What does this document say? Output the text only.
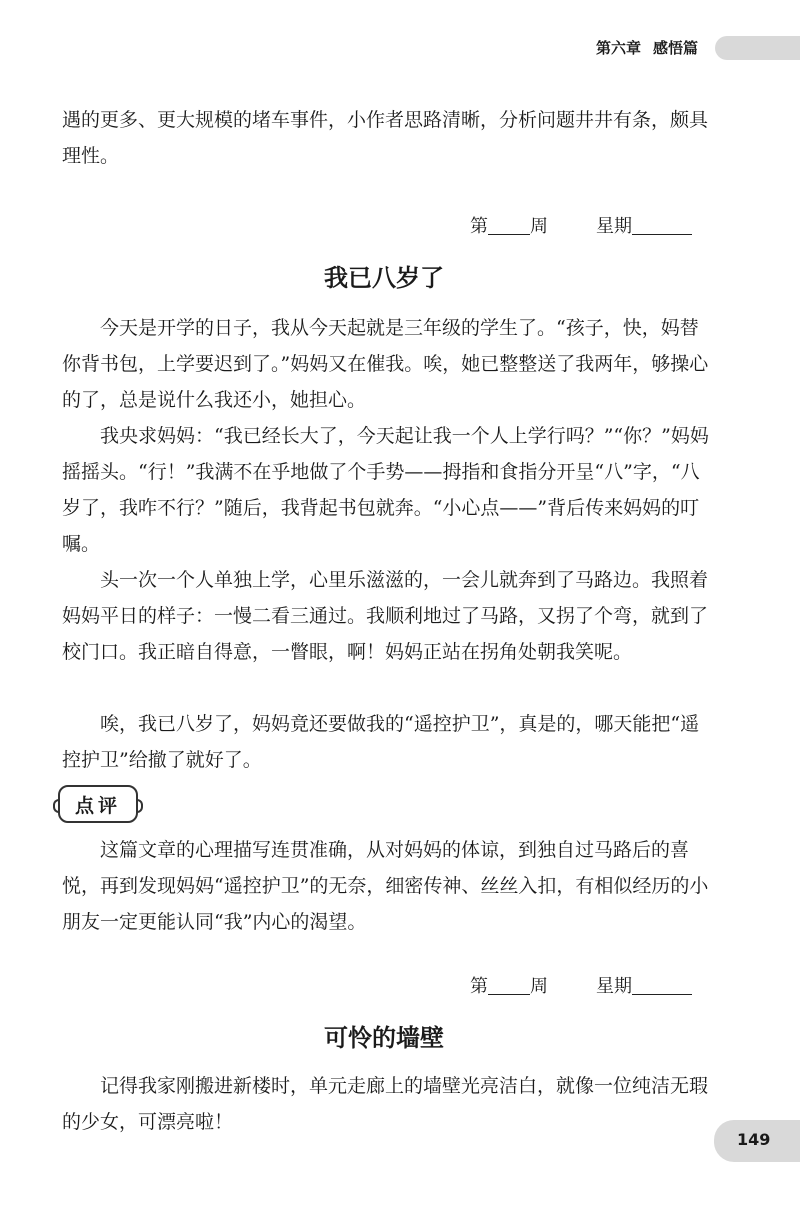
第六章 感悟篇

遇的更多、更大规模的堵车事件，小作者思路清晰，分析问题井井有条，颇具理性。

第 周	星期
我已八岁了

今天是开学的日子，我从今天起就是三年级的学生了。“孩子，快，妈替你背书包，上学要迟到了。”妈妈又在催我。唉，她已整整送了我两年，够操心的了，总是说什么我还小，她担心。

我央求妈妈：“我已经长大了，今天起让我一个人上学行吗？”“你？”妈妈摇摇头。“行！”我满不在乎地做了个手势——拇指和食指分开呈“八”字，“八岁了，我咋不行？”随后，我背起书包就奔。“小心点——”背后传来妈妈的叮嘱。

头一次一个人单独上学，心里乐滋滋的，一会儿就奔到了马路边。我照着妈妈平日的样子：一慢二看三通过。我顺利地过了马路，又拐了个弯，就到了校门口。我正暗自得意，一瞥眼，啊！妈妈正站在拐角处朝我笑呢。

唉，我已八岁了，妈妈竟还要做我的“遥控护卫”，真是的，哪天能把“遥控护卫”给撤了就好了。

点评

这篇文章的心理描写连贯准确，从对妈妈的体谅，到独自过马路后的喜悦，再到发现妈妈“遥控护卫”的无奈，细密传神、丝丝入扣，有相似经历的小朋友一定更能认同“我”内心的渴望。

第 周	星期
可怜的墙壁

记得我家刚搬进新楼时，单元走廊上的墙壁光亮洁白，就像一位纯洁无瑕的少女，可漂亮啦！

149
